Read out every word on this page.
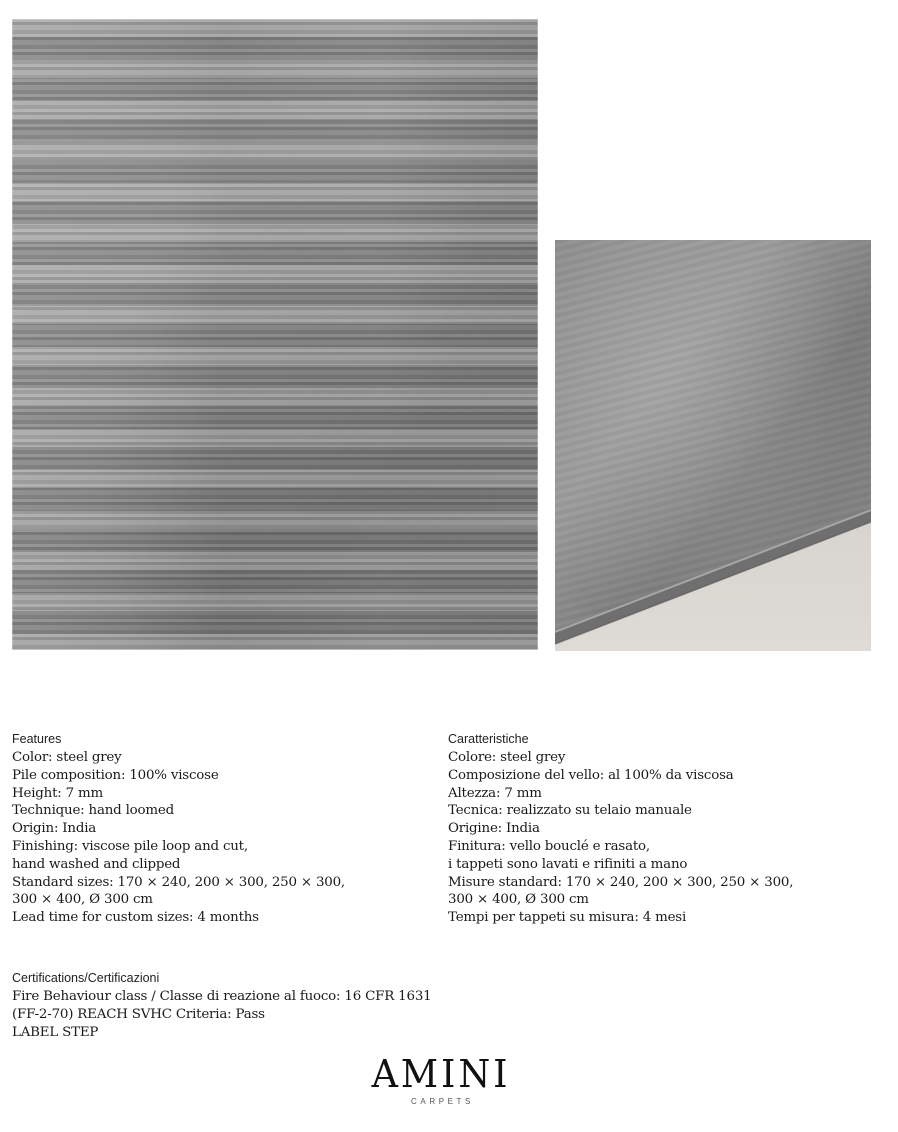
Features
Color: steel grey
Pile composition: 100% viscose
Height: 7 mm
Technique: hand loomed
Origin: India
Finishing: viscose pile loop and cut,
hand washed and clipped
Standard sizes: 170 × 240, 200 × 300, 250 × 300,
300 × 400, Ø 300 cm
Lead time for custom sizes: 4 months
Caratteristiche
Colore: steel grey
Composizione del vello: al 100% da viscosa
Altezza: 7 mm
Tecnica: realizzato su telaio manuale
Origine: India
Finitura: vello bouclé e rasato,
i tappeti sono lavati e rifiniti a mano
Misure standard: 170 × 240, 200 × 300, 250 × 300,
300 × 400, Ø 300 cm
Tempi per tappeti su misura: 4 mesi
Certifications/Certificazioni
Fire Behaviour class / Classe di reazione al fuoco: 16 CFR 1631
(FF-2-70) REACH SVHC Criteria: Pass
LABEL STEP
AMINI
CARPETS
